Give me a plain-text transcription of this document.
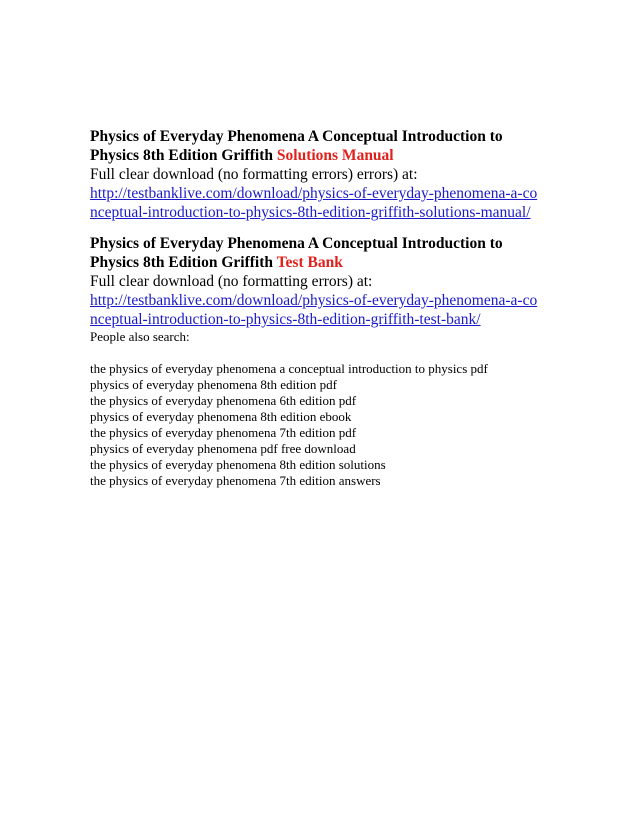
Physics of Everyday Phenomena A Conceptual Introduction to Physics 8th Edition Griffith Solutions Manual

Full clear download (no formatting errors) errors) at:

http://testbanklive.com/download/physics-of-everyday-phenomena-a-conceptual-introduction-to-physics-8th-edition-griffith-solutions-manual/

Physics of Everyday Phenomena A Conceptual Introduction to Physics 8th Edition Griffith Test Bank

Full clear download (no formatting errors) at:

http://testbanklive.com/download/physics-of-everyday-phenomena-a-conceptual-introduction-to-physics-8th-edition-griffith-test-bank/

People also search:

the physics of everyday phenomena a conceptual introduction to physics pdf
physics of everyday phenomena 8th edition pdf
the physics of everyday phenomena 6th edition pdf
physics of everyday phenomena 8th edition ebook
the physics of everyday phenomena 7th edition pdf
physics of everyday phenomena pdf free download
the physics of everyday phenomena 8th edition solutions
the physics of everyday phenomena 7th edition answers
